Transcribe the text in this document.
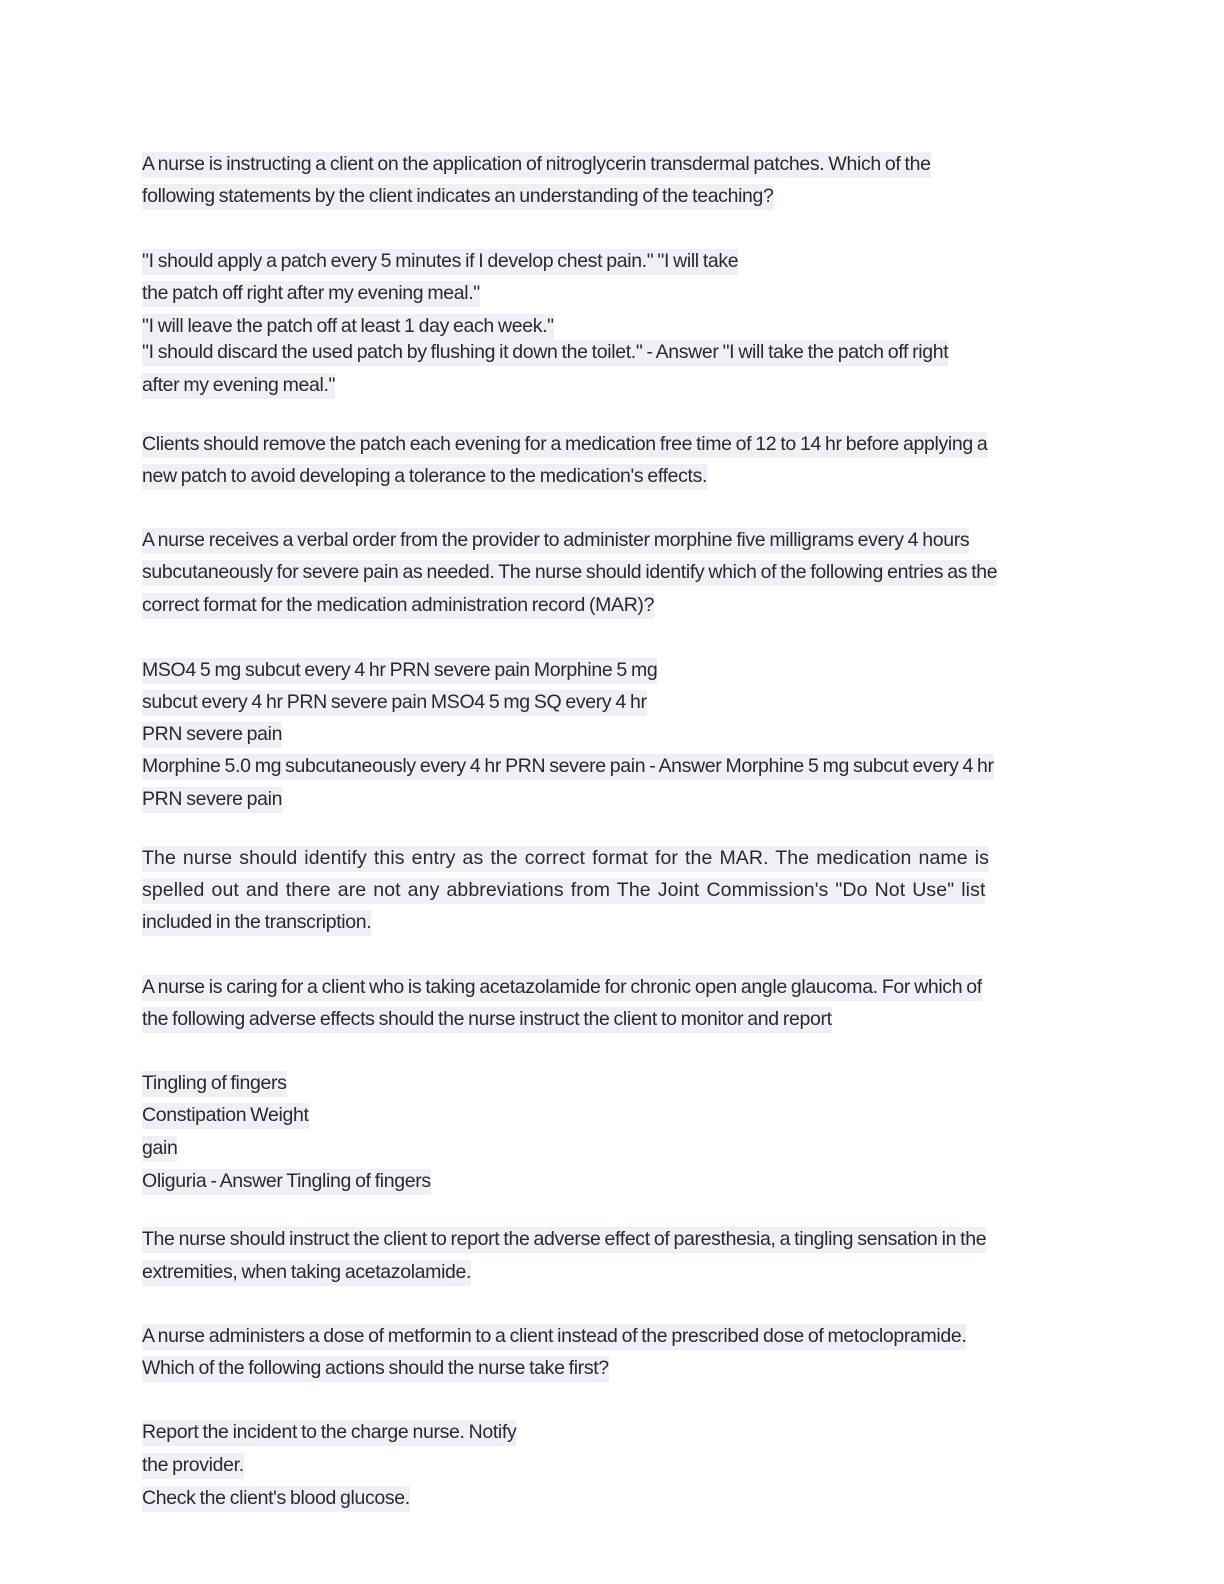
A nurse is instructing a client on the application of nitroglycerin transdermal patches. Which of the
following statements by the client indicates an understanding of the teaching?
"I should apply a patch every 5 minutes if I develop chest pain." "I will take
the patch off right after my evening meal."
"I will leave the patch off at least 1 day each week."
"I should discard the used patch by flushing it down the toilet." - Answer "I will take the patch off right
after my evening meal."
Clients should remove the patch each evening for a medication free time of 12 to 14 hr before applying a
new patch to avoid developing a tolerance to the medication's effects.
A nurse receives a verbal order from the provider to administer morphine five milligrams every 4 hours
subcutaneously for severe pain as needed. The nurse should identify which of the following entries as the
correct format for the medication administration record (MAR)?
MSO4 5 mg subcut every 4 hr PRN severe pain Morphine 5 mg
subcut every 4 hr PRN severe pain MSO4 5 mg SQ every 4 hr
PRN severe pain
Morphine 5.0 mg subcutaneously every 4 hr PRN severe pain - Answer Morphine 5 mg subcut every 4 hr
PRN severe pain
The nurse should identify this entry as the correct format for the MAR. The medication name is
spelled out and there are not any abbreviations from The Joint Commission's "Do Not Use" list
included in the transcription.
A nurse is caring for a client who is taking acetazolamide for chronic open angle glaucoma. For which of
the following adverse effects should the nurse instruct the client to monitor and report
Tingling of fingers
Constipation Weight
gain
Oliguria - Answer Tingling of fingers
The nurse should instruct the client to report the adverse effect of paresthesia, a tingling sensation in the
extremities, when taking acetazolamide.
A nurse administers a dose of metformin to a client instead of the prescribed dose of metoclopramide.
Which of the following actions should the nurse take first?
Report the incident to the charge nurse. Notify
the provider.
Check the client's blood glucose.
